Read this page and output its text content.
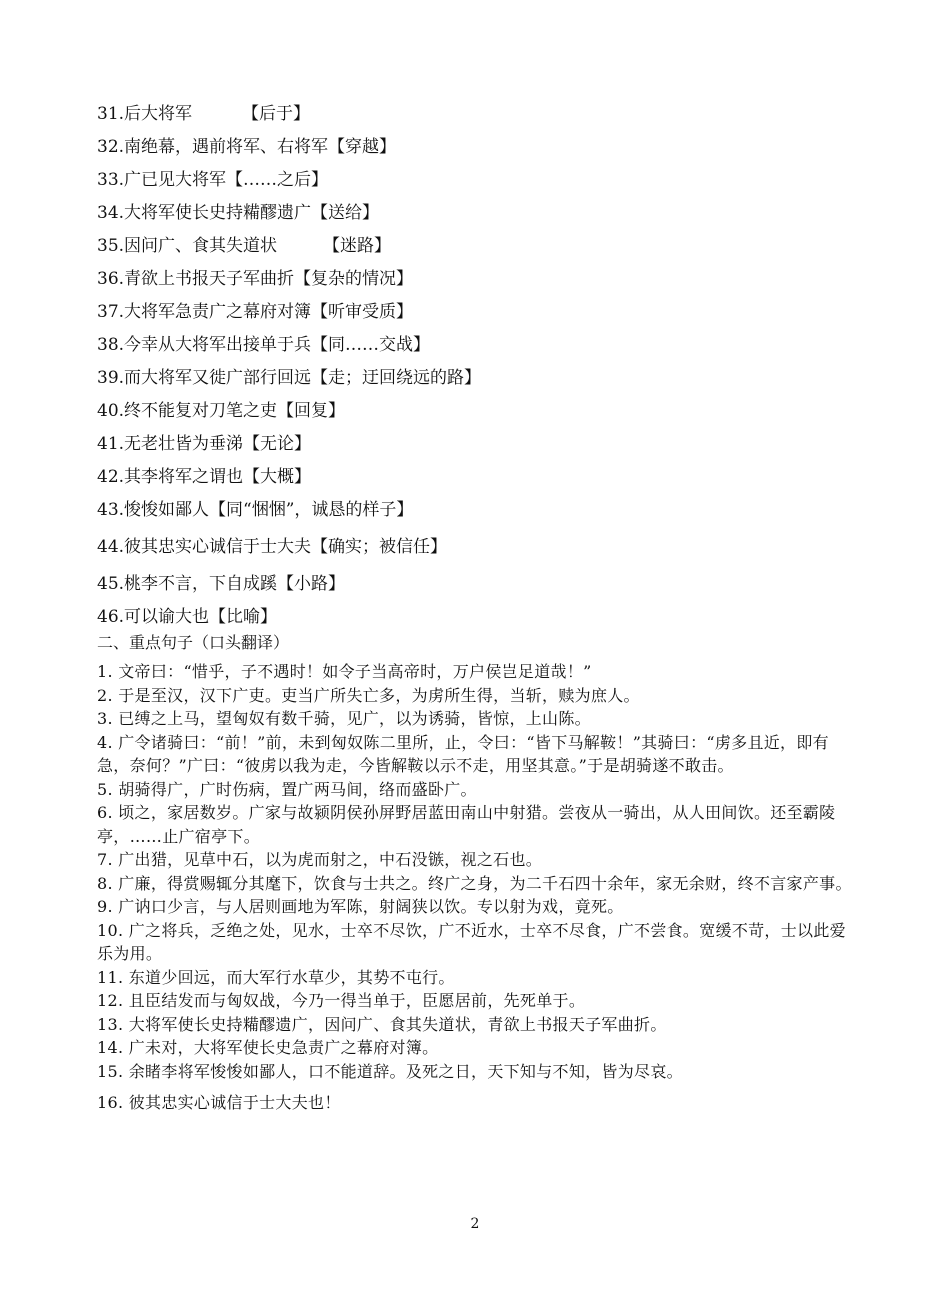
31.后大将军	【后于】
32.南绝幕，遇前将军、右将军【穿越】
33.广已见大将军【……之后】
34.大将军使长史持糒醪遗广【送给】
35.因问广、食其失道状	【迷路】
36.青欲上书报天子军曲折【复杂的情况】
37.大将军急责广之幕府对簿【听审受质】
38.今幸从大将军出接单于兵【同……交战】
39.而大将军又徙广部行回远【走；迂回绕远的路】
40.终不能复对刀笔之吏【回复】
41.无老壮皆为垂涕【无论】
42.其李将军之谓也【大概】
43.悛悛如鄙人【同“悃悃”，诚恳的样子】
44.彼其忠实心诚信于士大夫【确实；被信任】
45.桃李不言，下自成蹊【小路】
46.可以谕大也【比喻】
二、重点句子（口头翻译）
1. 文帝曰：“惜乎，子不遇时！如令子当高帝时，万户侯岂足道哉！”
2. 于是至汉，汉下广吏。吏当广所失亡多，为虏所生得，当斩，赎为庶人。
3. 已缚之上马，望匈奴有数千骑，见广，以为诱骑，皆惊，上山陈。
4. 广令诸骑曰：“前！”前，未到匈奴陈二里所，止，令曰：“皆下马解鞍！”其骑曰：“虏多且近，即有急，奈何？”广曰：“彼虏以我为走，今皆解鞍以示不走，用坚其意。”于是胡骑遂不敢击。
5. 胡骑得广，广时伤病，置广两马间，络而盛卧广。
6. 顷之，家居数岁。广家与故颍阴侯孙屏野居蓝田南山中射猎。尝夜从一骑出，从人田间饮。还至霸陵亭，……止广宿亭下。
7. 广出猎，见草中石，以为虎而射之，中石没镞，视之石也。
8. 广廉，得赏赐辄分其麾下，饮食与士共之。终广之身，为二千石四十余年，家无余财，终不言家产事。
9. 广讷口少言，与人居则画地为军陈，射阔狭以饮。专以射为戏，竟死。
10. 广之将兵，乏绝之处，见水，士卒不尽饮，广不近水，士卒不尽食，广不尝食。宽缓不苛，士以此爱乐为用。
11. 东道少回远，而大军行水草少，其势不屯行。
12. 且臣结发而与匈奴战，今乃一得当单于，臣愿居前，先死单于。
13. 大将军使长史持糒醪遗广，因问广、食其失道状，青欲上书报天子军曲折。
14. 广未对，大将军使长史急责广之幕府对簿。
15. 余睹李将军悛悛如鄙人，口不能道辞。及死之日，天下知与不知，皆为尽哀。
16. 彼其忠实心诚信于士大夫也！
2
